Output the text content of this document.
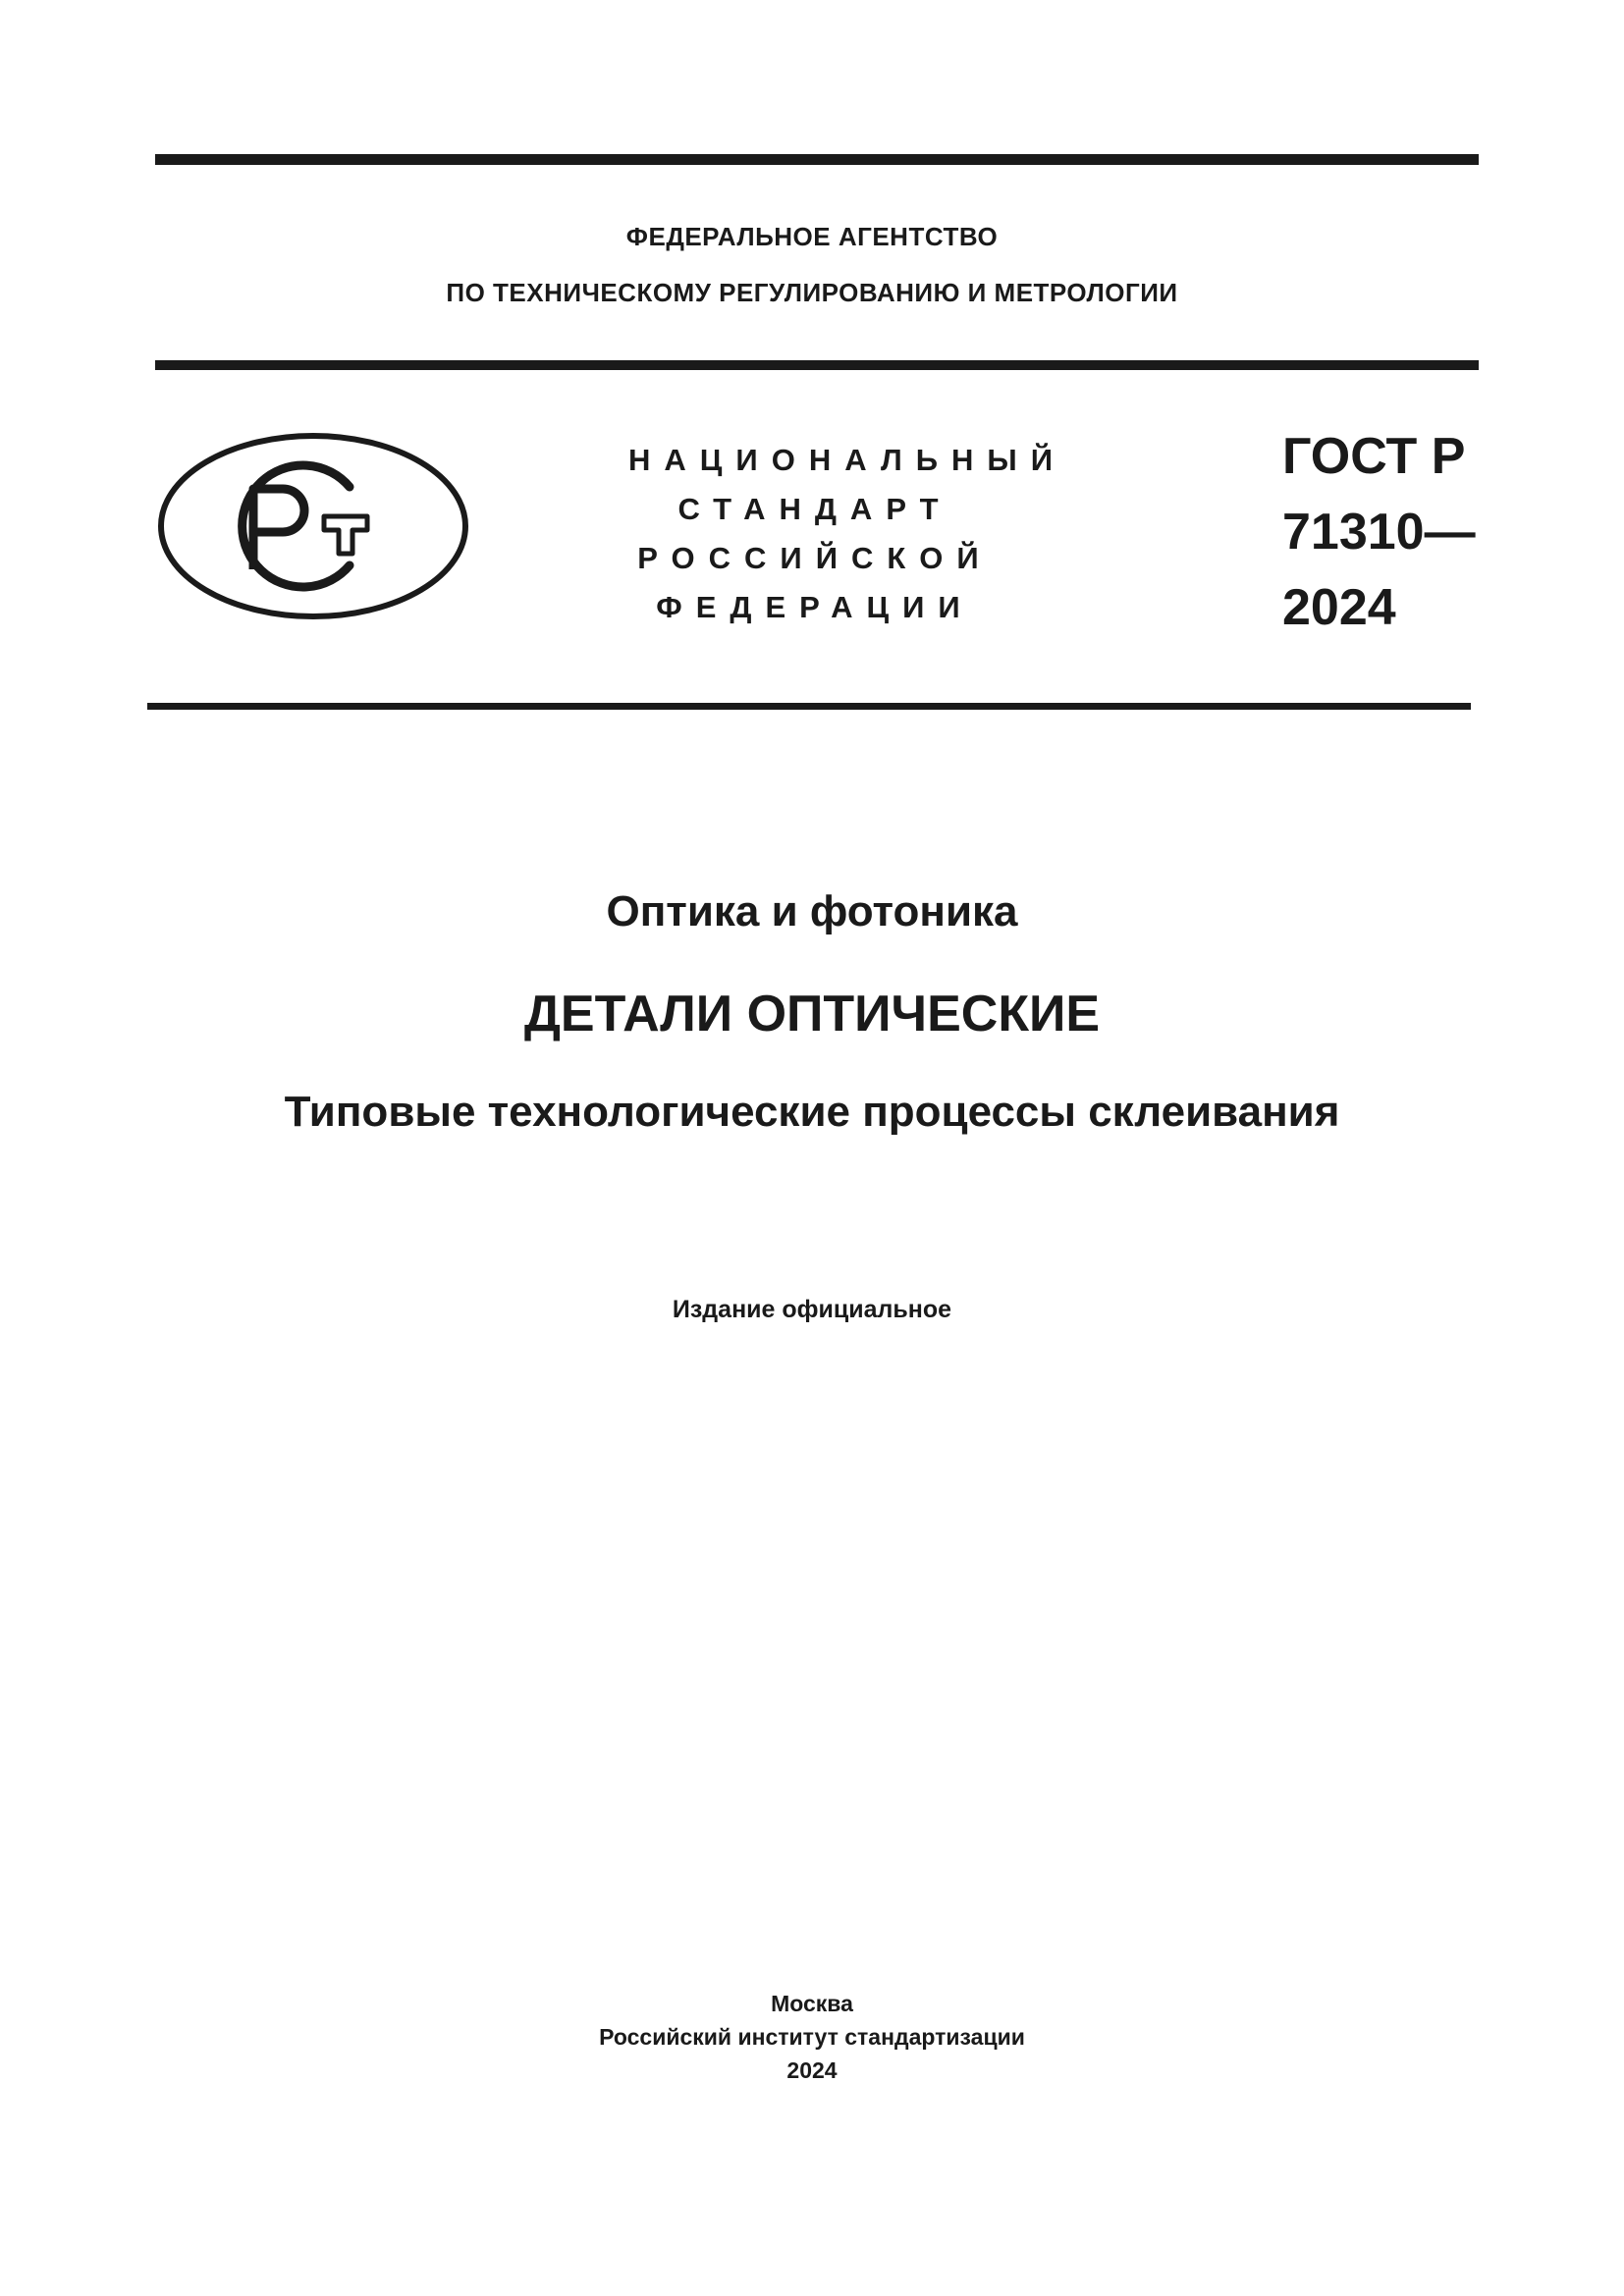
ФЕДЕРАЛЬНОЕ АГЕНТСТВО
ПО ТЕХНИЧЕСКОМУ РЕГУЛИРОВАНИЮ И МЕТРОЛОГИИ
НАЦИОНАЛЬНЫЙ
СТАНДАРТ
РОССИЙСКОЙ
ФЕДЕРАЦИИ
ГОСТ Р
71310—
2024
Оптика и фотоника
ДЕТАЛИ ОПТИЧЕСКИЕ
Типовые технологические процессы склеивания
Издание официальное
Москва
Российский институт стандартизации
2024
